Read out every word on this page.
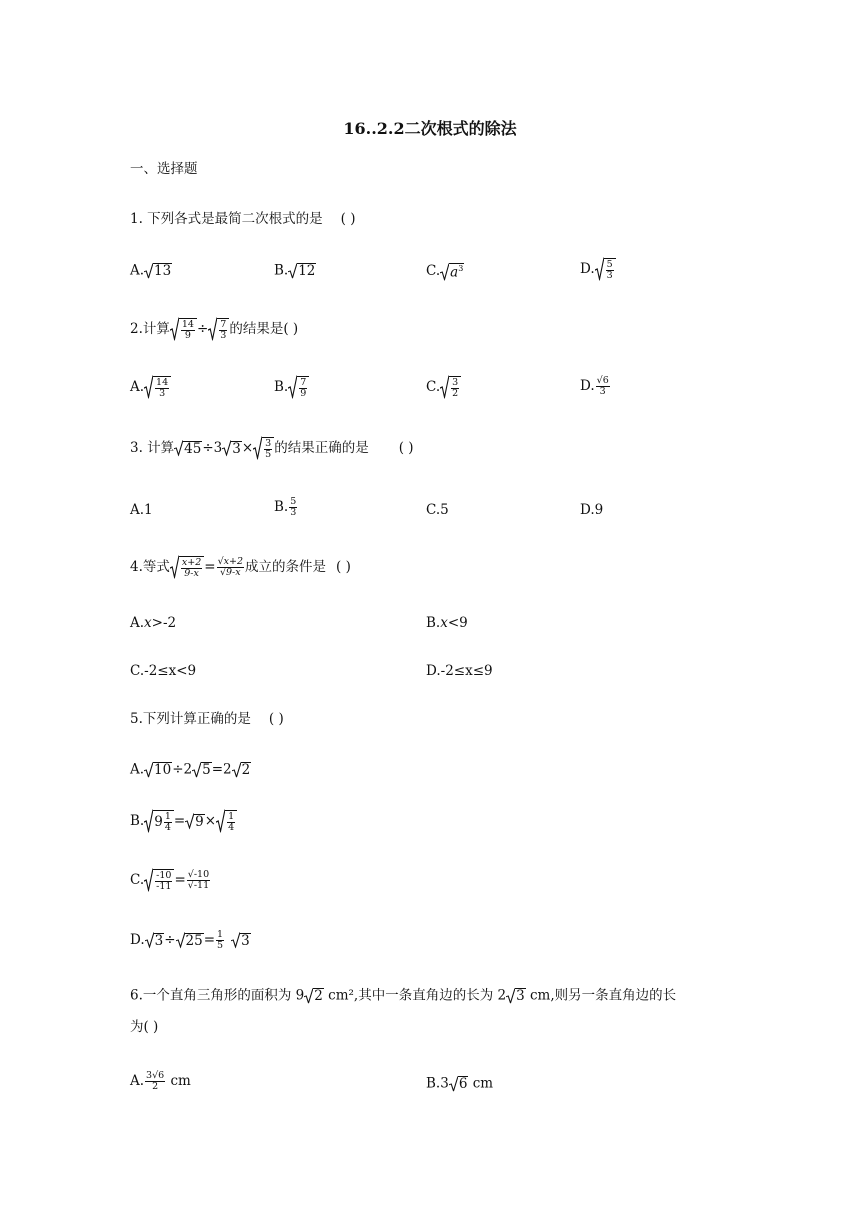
16..2.2二次根式的除法
一、选择题
1. 下列各式是最简二次根式的是 ( )
A. 13	B. 12	C. $a^3$	D. $\frac{5}{3}$
2.计算 $\frac{14}{9} \div \frac{7}{3}$ 的结果是( )
A. $\frac{14}{3}$	B. $\frac{7}{9}$	C. $\frac{3}{2}$	D. $\frac{√6}{3}$
3. 计算 45÷3 $3\times \frac{3}{5}$ 的结果正确的是 ( )
A.1	B. $\frac{5}{3}$	C.5	D.9
4.等式 $\frac{x+2}{9-x} = \frac{√x+2}{√9-x}$ 成立的条件是 ( )
A.x>-2	B.x<9
C.-2≤x<9	D.-2≤x≤9
5.下列计算正确的是 ( )
A. 10÷2 5=2 2
B. $9 \frac{1}{4} = 9\times \frac{1}{4}$
C. $\frac{-10}{-11} = \frac{√-10}{√-11}$
D. $3\div 25= \frac{1}{5} 3$
6.一个直角三角形的面积为 9 2 cm²,其中一条直角边的长为 2 3 cm,则另一条直角边的长
为( )
A. $\frac{3√6}{2}$ cm	B.3 6 cm
